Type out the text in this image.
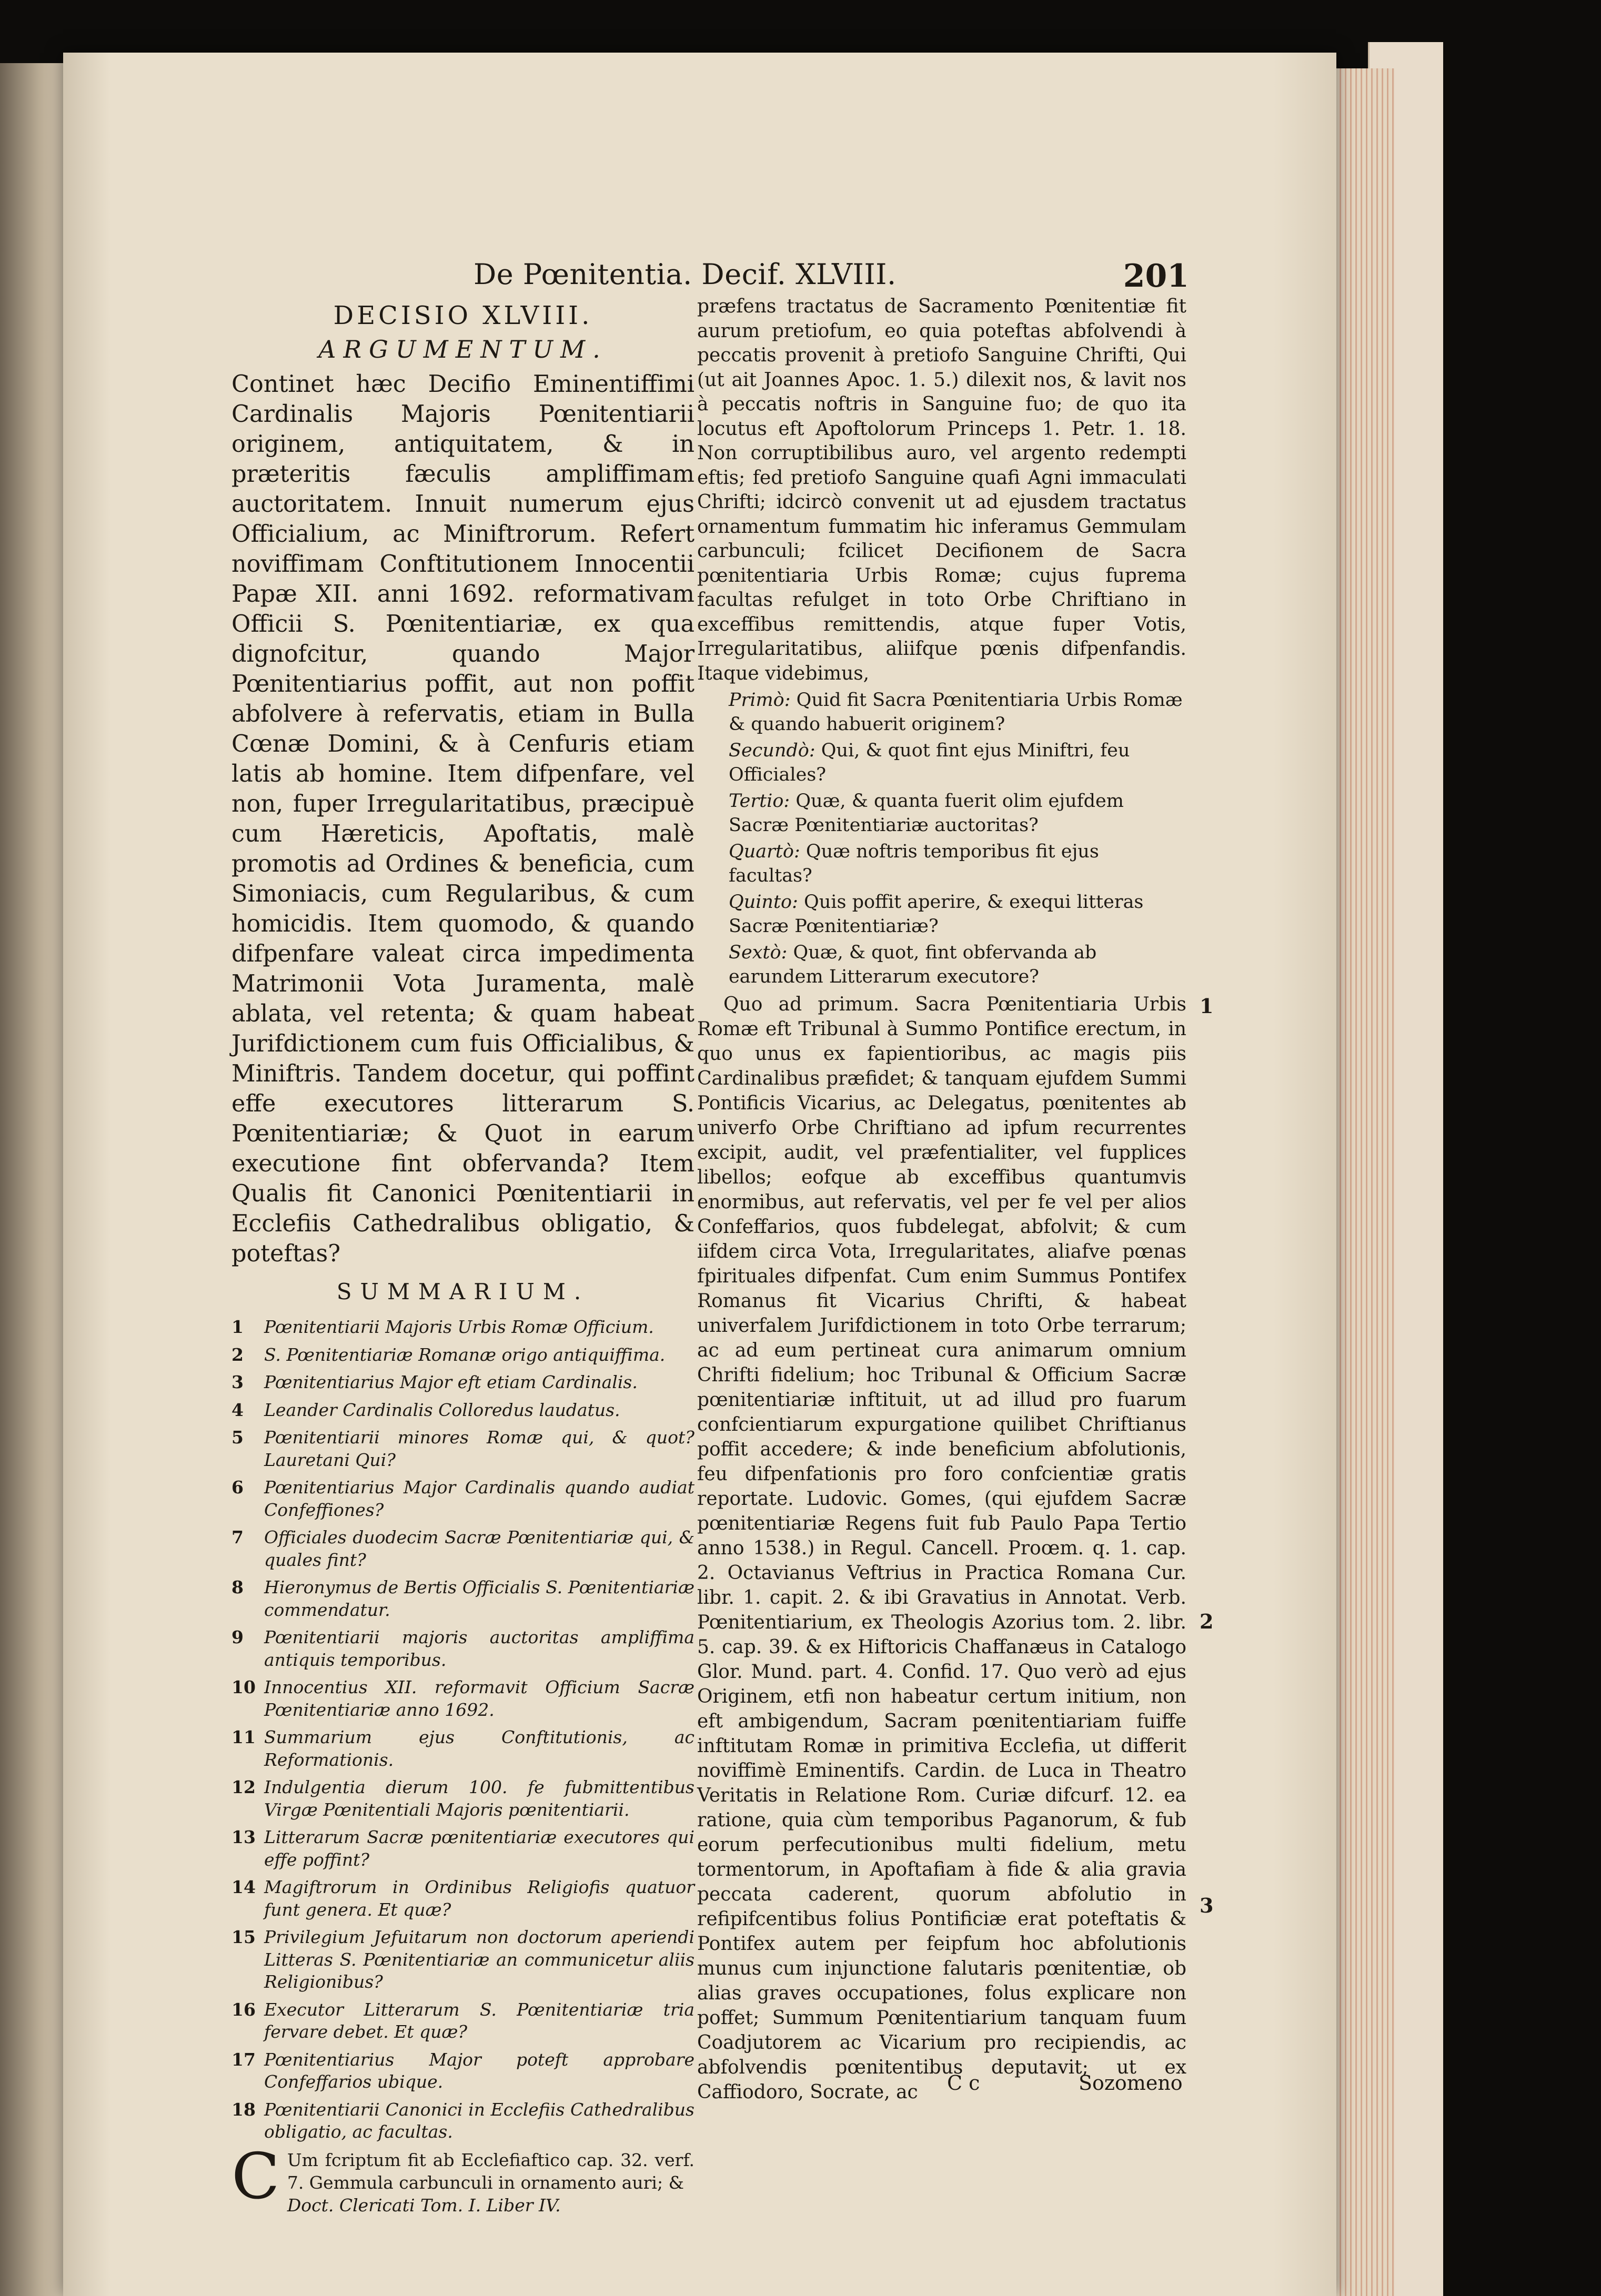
De Pœnitentia. Decif. XLVIII.	201
DECISIO XLVIII.
ARGUMENTUM.

Continet hæc Decifio Eminentiffimi Cardinalis Majoris Pœnitentiarii originem, antiquitatem, & in præteritis fæculis ampliffimam auctoritatem. Innuit numerum ejus Officialium, ac Miniftrorum. Refert noviffimam Conftitutionem Innocentii Papæ XII. anni 1692. reformativam Officii S. Pœnitentiariæ, ex qua dignofcitur, quando Major Pœnitentiarius poffit, aut non poffit abfolvere à refervatis, etiam in Bulla Cœnæ Domini, & à Cenfuris etiam latis ab homine. Item difpenfare, vel non, fuper Irregularitatibus, præcipuè cum Hæreticis, Apoftatis, malè promotis ad Ordines & beneficia, cum Simoniacis, cum Regularibus, & cum homicidis. Item quomodo, & quando difpenfare valeat circa impedimenta Matrimonii Vota Juramenta, malè ablata, vel retenta; & quam habeat Jurifdictionem cum fuis Officialibus, & Miniftris. Tandem docetur, qui poffint effe executores litterarum S. Pœnitentiariæ; & Quot in earum executione fint obfervanda? Item Qualis fit Canonici Pœnitentiarii in Ecclefiis Cathedralibus obligatio, & poteftas?

SUMMARIUM.
1	Pœnitentiarii Majoris Urbis Romæ Officium.
2	S. Pœnitentiariæ Romanæ origo antiquiffima.
3	Pœnitentiarius Major eft etiam Cardinalis.
4	Leander Cardinalis Colloredus laudatus.
5	Pœnitentiarii minores Romæ qui, & quot? Lauretani Qui?
6	Pœnitentiarius Major Cardinalis quando audiat Confeffiones?
7	Officiales duodecim Sacræ Pœnitentiariæ qui, & quales fint?
8	Hieronymus de Bertis Officialis S. Pœnitentiariæ commendatur.
9	Pœnitentiarii majoris auctoritas ampliffima antiquis temporibus.
10 Innocentius XII. reformavit Officium Sacræ Pœnitentiariæ anno 1692.
11 Summarium ejus Conftitutionis, ac Reformationis.
12 Indulgentia dierum 100. fe fubmittentibus Virgæ Pœnitentiali Majoris pœnitentiarii.
13 Litterarum Sacræ pœnitentiariæ executores qui effe poffint?
14 Magiftrorum in Ordinibus Religiofis quatuor funt genera. Et quæ?
15 Privilegium Jefuitarum non doctorum aperiendi Litteras S. Pœnitentiariæ an communicetur aliis Religionibus?
16 Executor Litterarum S. Pœnitentiariæ tria fervare debet. Et quæ?
17 Pœnitentiarius Major poteft approbare Confeffarios ubique.
18 Pœnitentiarii Canonici in Ecclefiis Cathedralibus obligatio, ac facultas.
C Um fcriptum fit ab Ecclefiaftico cap. 32. verf. 7. Gemmula carbunculi in ornamento auri; &
Doct. Clericati Tom. I. Liber IV.

præfens tractatus de Sacramento Pœnitentiæ fit aurum pretiofum, eo quia poteftas abfolvendi à peccatis provenit à pretiofo Sanguine Chrifti, Qui (ut ait Joannes Apoc. 1. 5.) dilexit nos, & lavit nos à peccatis noftris in Sanguine fuo; de quo ita locutus eft Apoftolorum Princeps 1. Petr. 1. 18. Non corruptibilibus auro, vel argento redempti eftis; fed pretiofo Sanguine quafi Agni immaculati Chrifti; idcircò convenit ut ad ejusdem tractatus ornamentum fummatim hic inferamus Gemmulam carbunculi; fcilicet Decifionem de Sacra pœnitentiaria Urbis Romæ; cujus fuprema facultas refulget in toto Orbe Chriftiano in exceffibus remittendis, atque fuper Votis, Irregularitatibus, aliifque pœnis difpenfandis. Itaque videbimus,

Primò: Quid fit Sacra Pœnitentiaria Urbis Romæ & quando habuerit originem?
Secundò: Qui, & quot fint ejus Miniftri, feu Officiales?
Tertio: Quæ, & quanta fuerit olim ejufdem Sacræ Pœnitentiariæ auctoritas?
Quartò: Quæ noftris temporibus fit ejus facultas?
Quinto: Quis poffit aperire, & exequi litteras Sacræ Pœnitentiariæ?
Sextò: Quæ, & quot, fint obfervanda ab earundem Litterarum executore?

Quo ad primum. Sacra Pœnitentiaria Urbis Romæ eft Tribunal à Summo Pontifice erectum, in quo unus ex fapientioribus, ac magis piis Cardinalibus præfidet; & tanquam ejufdem Summi Pontificis Vicarius, ac Delegatus, pœnitentes ab univerfo Orbe Chriftiano ad ipfum recurrentes excipit, audit, vel præfentialiter, vel fupplices libellos; eofque ab exceffibus quantumvis enormibus, aut refervatis, vel per fe vel per alios Confeffarios, quos fubdelegat, abfolvit; & cum iifdem circa Vota, Irregularitates, aliafve pœnas fpirituales difpenfat. Cum enim Summus Pontifex Romanus fit Vicarius Chrifti, & habeat univerfalem Jurifdictionem in toto Orbe terrarum; ac ad eum pertineat cura animarum omnium Chrifti fidelium; hoc Tribunal & Officium Sacræ pœnitentiariæ inftituit, ut ad illud pro fuarum confcientiarum expurgatione quilibet Chriftianus poffit accedere; & inde beneficium abfolutionis, feu difpenfationis pro foro confcientiæ gratis reportate. Ludovic. Gomes, (qui ejufdem Sacræ pœnitentiariæ Regens fuit fub Paulo Papa Tertio anno 1538.) in Regul. Cancell. Proœm. q. 1. cap. 2. Octavianus Veftrius in Practica Romana Cur. libr. 1. capit. 2. & ibi Gravatius in Annotat. Verb. Pœnitentiarium, ex Theologis Azorius tom. 2. libr. 5. cap. 39. & ex Hiftoricis Chaffanæus in Catalogo Glor. Mund. part. 4. Confid. 17. Quo verò ad ejus Originem, etfi non habeatur certum initium, non eft ambigendum, Sacram pœnitentiariam fuiffe inftitutam Romæ in primitiva Ecclefia, ut differit noviffimè Eminentifs. Cardin. de Luca in Theatro Veritatis in Relatione Rom. Curiæ difcurf. 12. ea ratione, quia cùm temporibus Paganorum, & fub eorum perfecutionibus multi fidelium, metu tormentorum, in Apoftafiam à fide & alia gravia peccata caderent, quorum abfolutio in refipifcentibus folius Pontificiæ erat poteftatis & Pontifex autem per feipfum hoc abfolutionis munus cum injunctione falutaris pœnitentiæ, ob alias graves occupationes, folus explicare non poffet; Summum Pœnitentiarium tanquam fuum Coadjutorem ac Vicarium pro recipiendis, ac abfolvendis pœnitentibus deputavit; ut ex Caffiodoro, Socrate, ac

1
2
3
C c	Sozomeno
